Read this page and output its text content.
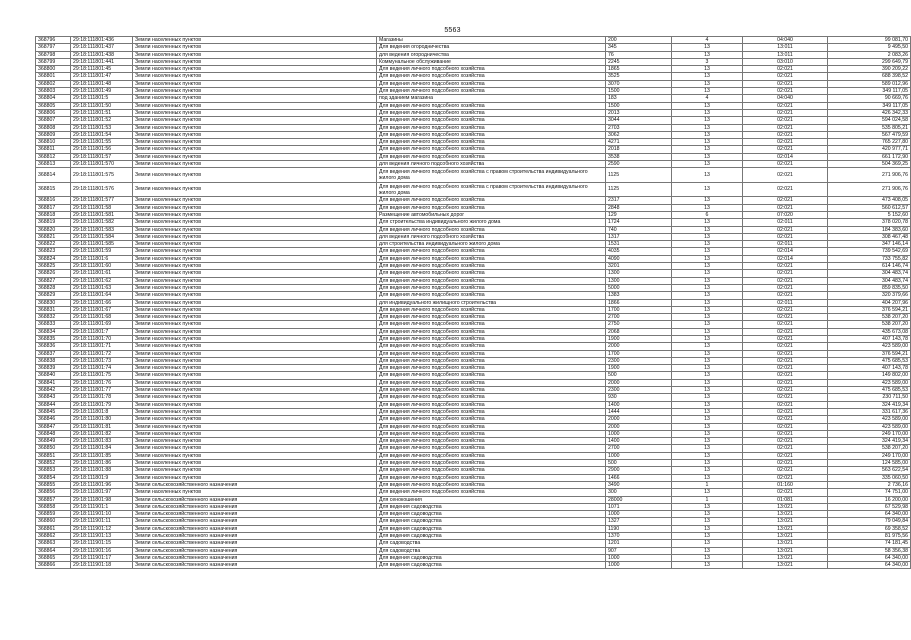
5563
368796	29:18:111801:436	Земли населенных пунктов	Магазины	200	4	04:040	99 081,70
368797	29:18:111801:437	Земли населенных пунктов	Для ведения огородничества	345	13	13:011	9 495,50
368798	29:18:111801:438	Земли населенных пунктов	для ведения огородничества	76	13	13:011	2 083,26
368799	29:18:111801:441	Земли населенных пунктов	Коммунальное обслуживание	2245	3	03:010	299 649,79
368800	29:18:111801:45	Земли населенных пунктов	Для ведения личного подсобного хозяйства	1865	13	02:021	390 209,22
368801	29:18:111801:47	Земли населенных пунктов	Для ведения личного подсобного хозяйства	3525	13	02:021	688 398,52
368802	29:18:111801:48	Земли населенных пунктов	Для ведения личного подсобного хозяйства	3070	13	02:021	589 012,96
368803	29:18:111801:49	Земли населенных пунктов	Для ведения личного подсобного хозяйства	1500	13	02:021	349 117,05
368804	29:18:111801:5	Земли населенных пунктов	под зданием магазина	183	4	04:040	90 669,76
368805	29:18:111801:50	Земли населенных пунктов	Для ведения личного подсобного хозяйства	1500	13	02:021	349 117,05
368806	29:18:111801:51	Земли населенных пунктов	Для ведения личного подсобного хозяйства	2013	13	02:021	426 342,33
368807	29:18:111801:52	Земли населенных пунктов	Для ведения личного подсобного хозяйства	3044	13	02:021	594 024,58
368808	29:18:111801:53	Земли населенных пунктов	Для ведения личного подсобного хозяйства	2703	13	02:021	535 805,21
368809	29:18:111801:54	Земли населенных пунктов	Для ведения личного подсобного хозяйства	3062	13	02:021	567 479,59
368810	29:18:111801:55	Земли населенных пунктов	Для ведения личного подсобного хозяйства	4271	13	02:021	765 227,80
368811	29:18:111801:56	Земли населенных пунктов	Для ведения личного подсобного хозяйства	2018	13	02:021	420 977,71
368812	29:18:111801:57	Земли населенных пунктов	Для ведения личного подсобного хозяйства	3538	13	02:014	661 172,90
368813	29:18:111801:570	Земли населенных пунктов	для ведения личного подсобного хозяйства	2590	13	02:021	504 369,25
368814	29:18:111801:575	Земли населенных пунктов	Для ведения личного подсобного хозяйства с правом строительства индивидуального жилого дома	1125	13	02:021	271 906,76
368815	29:18:111801:576	Земли населенных пунктов	Для ведения личного подсобного хозяйства с правом строительства индивидуального жилого дома	1125	13	02:021	271 906,76
368816	29:18:111801:577	Земли населенных пунктов	Для ведения личного подсобного хозяйства	2317	13	02:021	473 408,05
368817	29:18:111801:58	Земли населенных пунктов	Для ведения личного подсобного хозяйства	2848	13	02:021	560 612,57
368818	29:18:111801:581	Земли населенных пунктов	Размещение автомобильных дорог	129	6	07:020	5 152,60
368819	29:18:111801:582	Земли населенных пунктов	Для строительства индивидуального жилого дома	1724	13	02:011	378 020,78
368820	29:18:111801:583	Земли населенных пунктов	Для ведения личного подсобного хозяйства	740	13	02:021	184 383,60
368821	29:18:111801:584	Земли населенных пунктов	для ведения личного подсобного хозяйства	1317	13	02:021	308 467,48
368822	29:18:111801:585	Земли населенных пунктов	для строительства индивидуального жилого дома	1531	13	02:011	347 146,14
368823	29:18:111801:59	Земли населенных пунктов	Для ведения личного подсобного хозяйства	4035	13	02:014	739 542,69
368824	29:18:111801:6	Земли населенных пунктов	Для ведения личного подсобного хозяйства	4090	13	02:014	733 755,82
368825	29:18:111801:60	Земли населенных пунктов	Для ведения личного подсобного хозяйства	3201	13	02:021	614 146,74
368826	29:18:111801:61	Земли населенных пунктов	Для ведения личного подсобного хозяйства	1300	13	02:021	304 483,74
368827	29:18:111801:62	Земли населенных пунктов	Для ведения личного подсобного хозяйства	1300	13	02:021	304 483,74
368828	29:18:111801:63	Земли населенных пунктов	Для ведения личного подсобного хозяйства	5000	13	02:021	859 835,50
368829	29:18:111801:64	Земли населенных пунктов	Для ведения личного подсобного хозяйства	1383	13	02:021	320 379,66
368830	29:18:111801:66	Земли населенных пунктов	для индивидуального жилищного строительства	1866	13	02:011	404 207,96
368831	29:18:111801:67	Земли населенных пунктов	Для ведения личного подсобного хозяйства	1700	13	02:021	376 594,21
368832	29:18:111801:68	Земли населенных пунктов	Для ведения личного подсобного хозяйства	2700	13	02:021	538 207,20
368833	29:18:111801:69	Земли населенных пунктов	Для ведения личного подсобного хозяйства	2750	13	02:021	538 207,20
368834	29:18:111801:7	Земли населенных пунктов	Для ведения личного подсобного хозяйства	2068	13	02:021	435 673,08
368835	29:18:111801:70	Земли населенных пунктов	Для ведения личного подсобного хозяйства	1900	13	02:021	407 143,78
368836	29:18:111801:71	Земли населенных пунктов	Для ведения личного подсобного хозяйства	2000	13	02:021	423 589,00
368837	29:18:111801:72	Земли населенных пунктов	Для ведения личного подсобного хозяйства	1700	13	02:021	376 594,21
368838	29:18:111801:73	Земли населенных пунктов	Для ведения личного подсобного хозяйства	2300	13	02:021	475 685,53
368839	29:18:111801:74	Земли населенных пунктов	Для ведения личного подсобного хозяйства	1900	13	02:021	407 143,78
368840	29:18:111801:75	Земли населенных пунктов	Для ведения личного подсобного хозяйства	500	13	02:021	149 802,00
368841	29:18:111801:76	Земли населенных пунктов	Для ведения личного подсобного хозяйства	2000	13	02:021	423 589,00
368842	29:18:111801:77	Земли населенных пунктов	Для ведения личного подсобного хозяйства	2300	13	02:021	475 685,53
368843	29:18:111801:78	Земли населенных пунктов	Для ведения личного подсобного хозяйства	930	13	02:021	230 711,50
368844	29:18:111801:79	Земли населенных пунктов	Для ведения личного подсобного хозяйства	1400	13	02:021	324 419,34
368845	29:18:111801:8	Земли населенных пунктов	Для ведения личного подсобного хозяйства	1444	13	02:021	331 617,36
368846	29:18:111801:80	Земли населенных пунктов	Для ведения личного подсобного хозяйства	2000	13	02:021	423 589,00
368847	29:18:111801:81	Земли населенных пунктов	Для ведения личного подсобного хозяйства	2000	13	02:021	423 589,00
368848	29:18:111801:82	Земли населенных пунктов	Для ведения личного подсобного хозяйства	1000	13	02:021	249 170,00
368849	29:18:111801:83	Земли населенных пунктов	Для ведения личного подсобного хозяйства	1400	13	02:021	324 419,34
368850	29:18:111801:84	Земли населенных пунктов	Для ведения личного подсобного хозяйства	2700	13	02:021	538 207,20
368851	29:18:111801:85	Земли населенных пунктов	Для ведения личного подсобного хозяйства	1000	13	02:021	249 170,00
368852	29:18:111801:86	Земли населенных пунктов	Для ведения личного подсобного хозяйства	500	13	02:021	124 585,00
368853	29:18:111801:88	Земли населенных пунктов	Для ведения личного подсобного хозяйства	2900	13	02:021	563 622,54
368854	29:18:111801:9	Земли населенных пунктов	Для ведения личного подсобного хозяйства	1466	13	02:021	335 060,50
368855	29:18:111801:96	Земли сельскохозяйственного назначения	Для ведения личного подсобного хозяйства	3490	1	01:160	2 736,16
368856	29:18:111801:97	Земли населенных пунктов	Для ведения личного подсобного хозяйства	300	13	02:021	74 751,00
368857	29:18:111801:98	Земли сельскохозяйственного назначения	Для сенокошения	28000	1	01:081	16 200,00
368858	29:18:111901:1	Земли сельскохозяйственного назначения	Для ведения садоводства	1071	13	13:021	67 529,98
368859	29:18:111901:10	Земли сельскохозяйственного назначения	Для ведения садоводства	1000	13	13:021	64 340,00
368860	29:18:111901:11	Земли сельскохозяйственного назначения	Для ведения садоводства	1327	13	13:021	79 049,84
368861	29:18:111901:12	Земли сельскохозяйственного назначения	Для ведения садоводства	1190	13	13:021	69 358,52
368862	29:18:111901:13	Земли сельскохозяйственного назначения	Для ведения садоводства	1370	13	13:021	81 975,56
368863	29:18:111901:15	Земли сельскохозяйственного назначения	Для садоводства	1201	13	13:021	74 181,45
368864	29:18:111901:16	Земли сельскохозяйственного назначения	Для садоводства	907	13	13:021	58 356,38
368865	29:18:111901:17	Земли сельскохозяйственного назначения	Для ведения садоводства	1000	13	13:021	64 340,00
368866	29:18:111901:18	Земли сельскохозяйственного назначения	Для ведения садоводства	1000	13	13:021	64 340,00
